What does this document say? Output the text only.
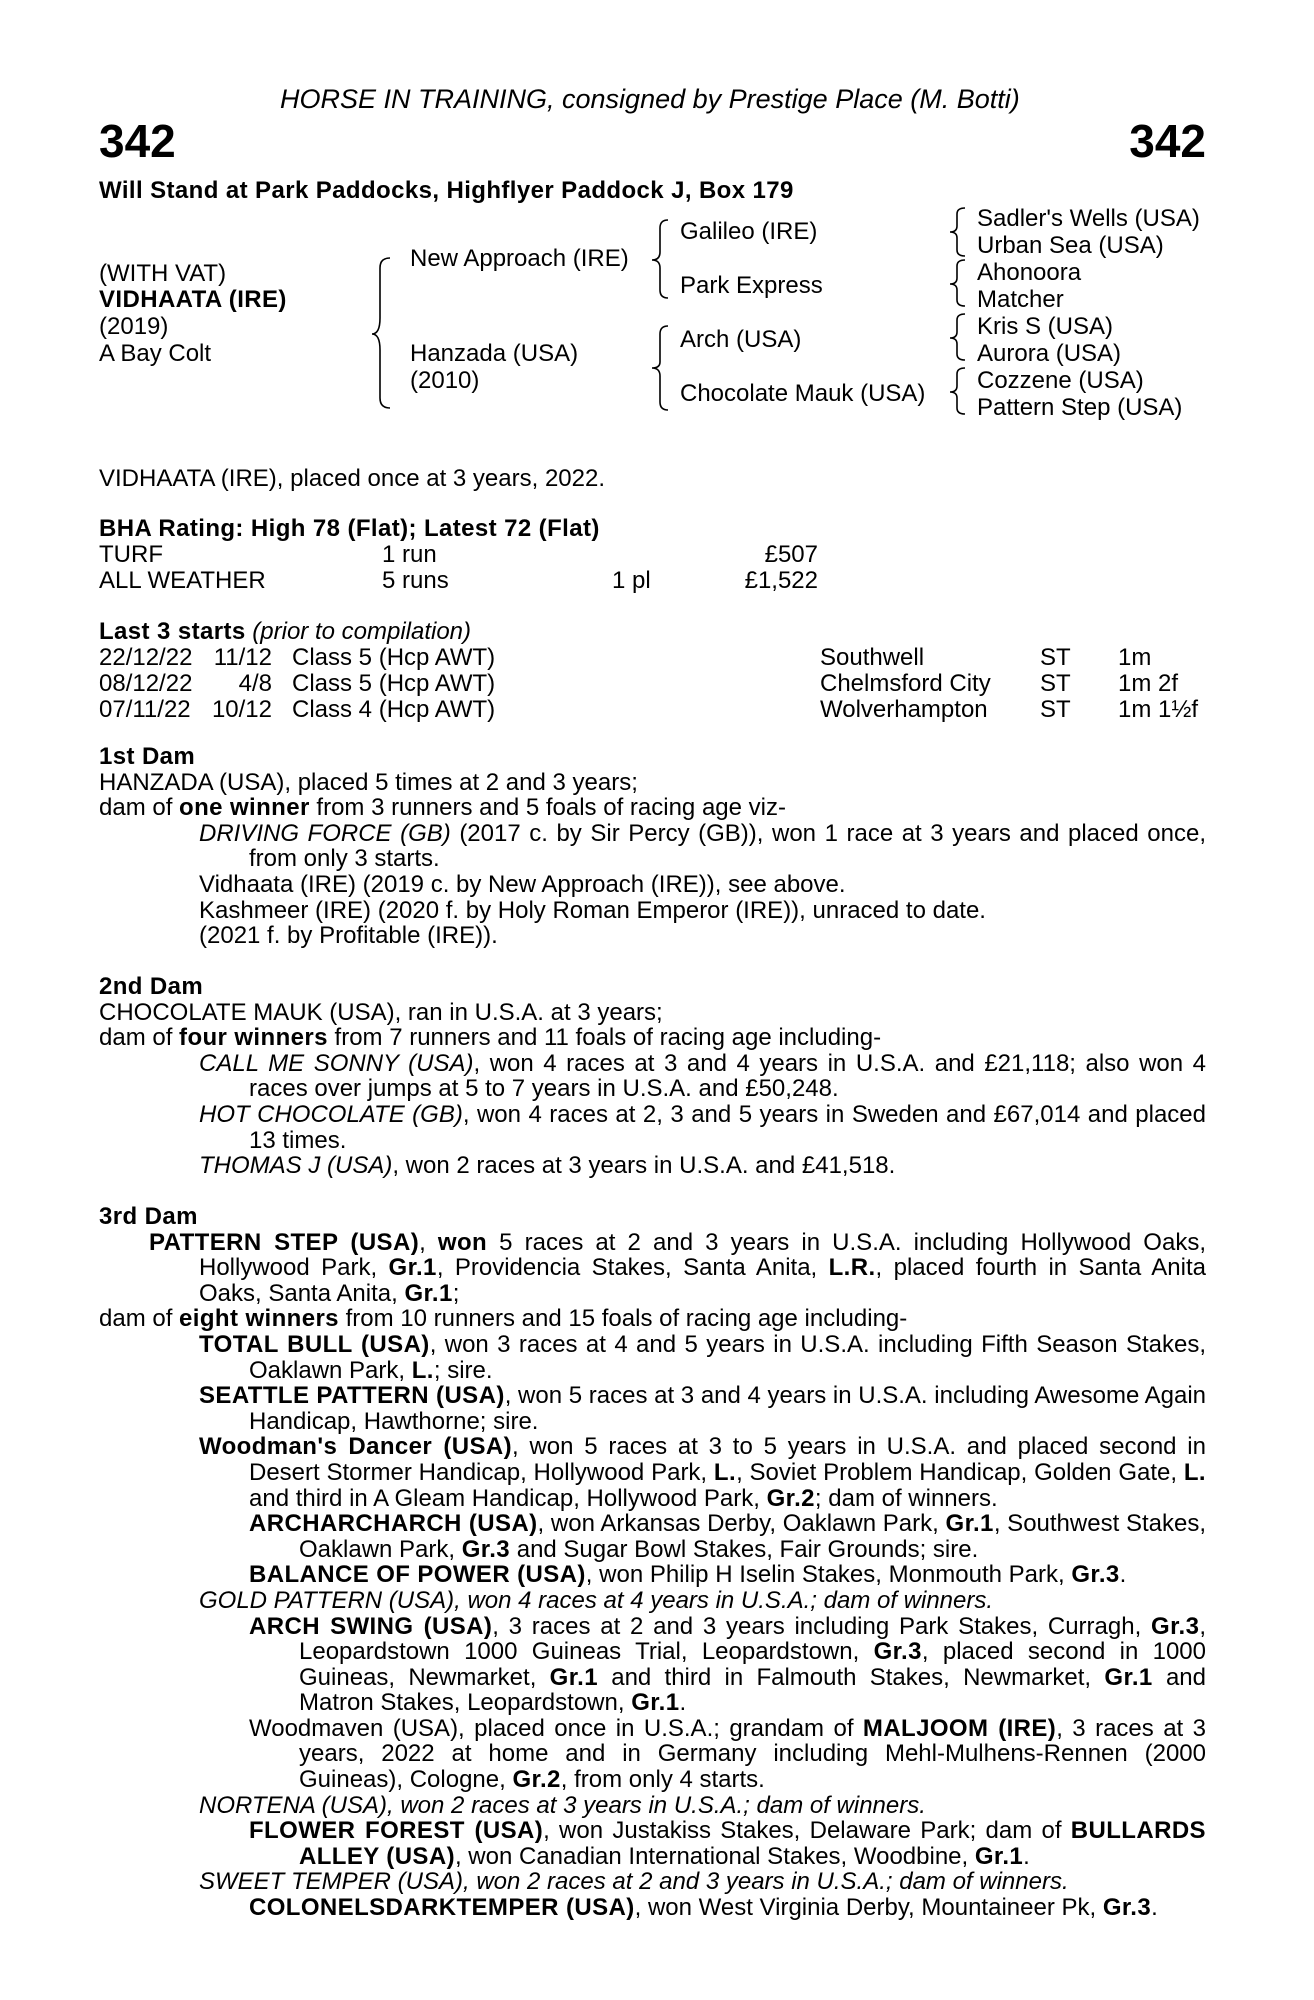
HORSE IN TRAINING, consigned by Prestige Place (M. Botti)
342	342
Will Stand at Park Paddocks, Highflyer Paddock J, Box 179
(WITH VAT)
VIDHAATA (IRE)
(2019)
A Bay Colt
New Approach (IRE)
Hanzada (USA)
(2010)
Galileo (IRE)
Park Express
Arch (USA)
Chocolate Mauk (USA)
Sadler's Wells (USA)
Urban Sea (USA)
Ahonoora
Matcher
Kris S (USA)
Aurora (USA)
Cozzene (USA)
Pattern Step (USA)
VIDHAATA (IRE), placed once at 3 years, 2022.
BHA Rating: High 78 (Flat); Latest 72 (Flat)
TURF	1 run	£507
ALL WEATHER	5 runs	1 pl	£1,522
Last 3 starts (prior to compilation)
22/12/22 11/12 Class 5 (Hcp AWT)	Southwell	ST 1m
08/12/22 4/8 Class 5 (Hcp AWT)	Chelmsford City ST 1m 2f
07/11/22 10/12 Class 4 (Hcp AWT)	Wolverhampton ST 1m 1½f

1st Dam

HANZADA (USA), placed 5 times at 2 and 3 years;

dam of one winner from 3 runners and 5 foals of racing age viz-

DRIVING FORCE (GB) (2017 c. by Sir Percy (GB)), won 1 race at 3 years and placed once, from only 3 starts.

Vidhaata (IRE) (2019 c. by New Approach (IRE)), see above.

Kashmeer (IRE) (2020 f. by Holy Roman Emperor (IRE)), unraced to date.

(2021 f. by Profitable (IRE)).

2nd Dam

CHOCOLATE MAUK (USA), ran in U.S.A. at 3 years;

dam of four winners from 7 runners and 11 foals of racing age including-

CALL ME SONNY (USA), won 4 races at 3 and 4 years in U.S.A. and £21,118; also won 4 races over jumps at 5 to 7 years in U.S.A. and £50,248.

HOT CHOCOLATE (GB), won 4 races at 2, 3 and 5 years in Sweden and £67,014 and placed 13 times.

THOMAS J (USA), won 2 races at 3 years in U.S.A. and £41,518.

3rd Dam

PATTERN STEP (USA), won 5 races at 2 and 3 years in U.S.A. including Hollywood Oaks, Hollywood Park, Gr.1, Providencia Stakes, Santa Anita, L.R., placed fourth in Santa Anita Oaks, Santa Anita, Gr.1;

dam of eight winners from 10 runners and 15 foals of racing age including-

TOTAL BULL (USA), won 3 races at 4 and 5 years in U.S.A. including Fifth Season Stakes, Oaklawn Park, L.; sire.

SEATTLE PATTERN (USA), won 5 races at 3 and 4 years in U.S.A. including Awesome Again Handicap, Hawthorne; sire.

Woodman's Dancer (USA), won 5 races at 3 to 5 years in U.S.A. and placed second in Desert Stormer Handicap, Hollywood Park, L., Soviet Problem Handicap, Golden Gate, L. and third in A Gleam Handicap, Hollywood Park, Gr.2; dam of winners.

ARCHARCHARCH (USA), won Arkansas Derby, Oaklawn Park, Gr.1, Southwest Stakes, Oaklawn Park, Gr.3 and Sugar Bowl Stakes, Fair Grounds; sire.

BALANCE OF POWER (USA), won Philip H Iselin Stakes, Monmouth Park, Gr.3.

GOLD PATTERN (USA), won 4 races at 4 years in U.S.A.; dam of winners.

ARCH SWING (USA), 3 races at 2 and 3 years including Park Stakes, Curragh, Gr.3, Leopardstown 1000 Guineas Trial, Leopardstown, Gr.3, placed second in 1000 Guineas, Newmarket, Gr.1 and third in Falmouth Stakes, Newmarket, Gr.1 and Matron Stakes, Leopardstown, Gr.1.

Woodmaven (USA), placed once in U.S.A.; grandam of MALJOOM (IRE), 3 races at 3 years, 2022 at home and in Germany including Mehl-Mulhens-Rennen (2000 Guineas), Cologne, Gr.2, from only 4 starts.

NORTENA (USA), won 2 races at 3 years in U.S.A.; dam of winners.

FLOWER FOREST (USA), won Justakiss Stakes, Delaware Park; dam of BULLARDS ALLEY (USA), won Canadian International Stakes, Woodbine, Gr.1.

SWEET TEMPER (USA), won 2 races at 2 and 3 years in U.S.A.; dam of winners.

COLONELSDARKTEMPER (USA), won West Virginia Derby, Mountaineer Pk, Gr.3.
